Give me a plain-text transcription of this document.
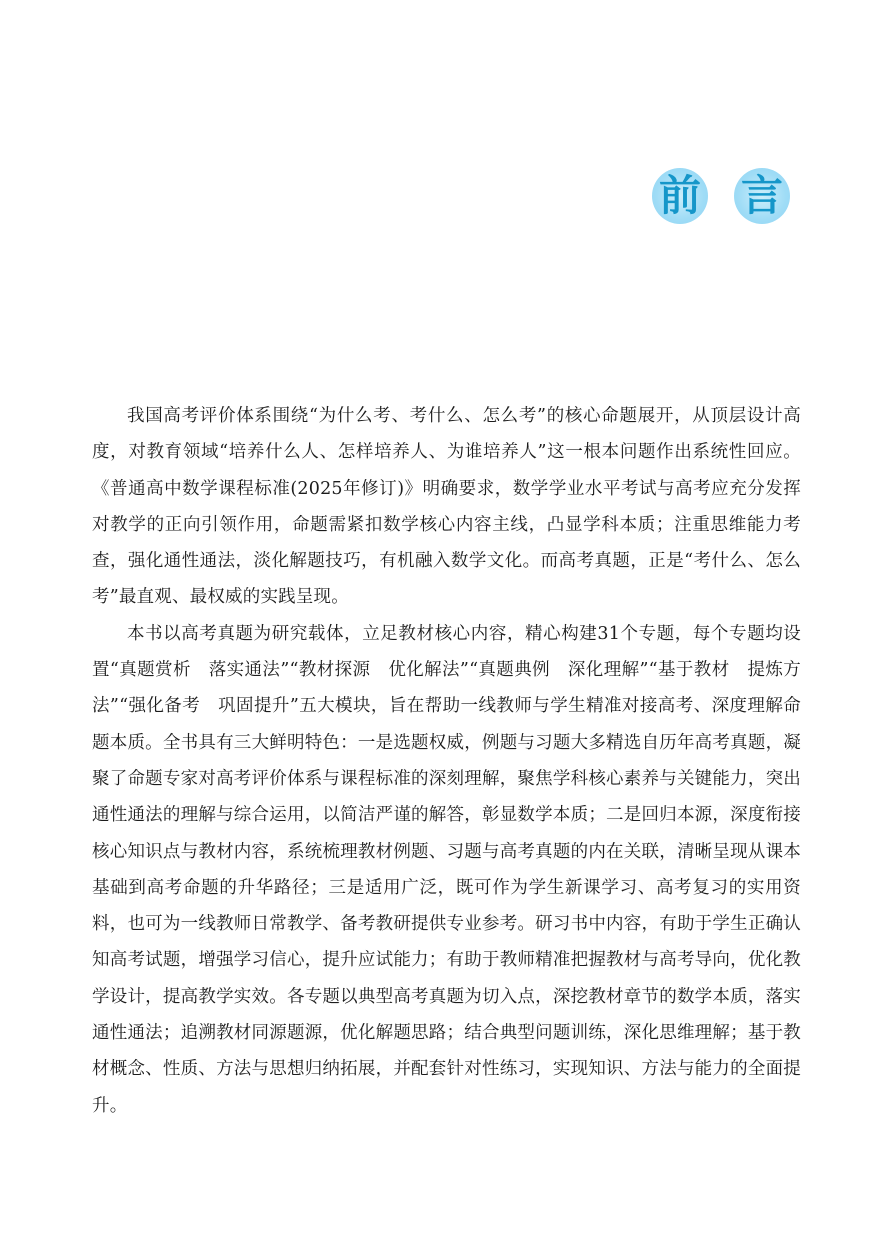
前 言

我国高考评价体系围绕“为什么考、考什么、怎么考”的核心命题展开，从顶层设计高度，对教育领域“培养什么人、怎样培养人、为谁培养人”这一根本问题作出系统性回应。《普通高中数学课程标准(2025年修订)》明确要求，数学学业水平考试与高考应充分发挥对教学的正向引领作用，命题需紧扣数学核心内容主线，凸显学科本质；注重思维能力考查，强化通性通法，淡化解题技巧，有机融入数学文化。而高考真题，正是“考什么、怎么考”最直观、最权威的实践呈现。

本书以高考真题为研究载体，立足教材核心内容，精心构建31个专题，每个专题均设置“真题赏析　落实通法”“教材探源　优化解法”“真题典例　深化理解”“基于教材　提炼方法”“强化备考　巩固提升”五大模块，旨在帮助一线教师与学生精准对接高考、深度理解命题本质。全书具有三大鲜明特色：一是选题权威，例题与习题大多精选自历年高考真题，凝聚了命题专家对高考评价体系与课程标准的深刻理解，聚焦学科核心素养与关键能力，突出通性通法的理解与综合运用，以简洁严谨的解答，彰显数学本质；二是回归本源，深度衔接核心知识点与教材内容，系统梳理教材例题、习题与高考真题的内在关联，清晰呈现从课本基础到高考命题的升华路径；三是适用广泛，既可作为学生新课学习、高考复习的实用资料，也可为一线教师日常教学、备考教研提供专业参考。研习书中内容，有助于学生正确认知高考试题，增强学习信心，提升应试能力；有助于教师精准把握教材与高考导向，优化教学设计，提高教学实效。各专题以典型高考真题为切入点，深挖教材章节的数学本质，落实通性通法；追溯教材同源题源，优化解题思路；结合典型问题训练，深化思维理解；基于教材概念、性质、方法与思想归纳拓展，并配套针对性练习，实现知识、方法与能力的全面提升。
